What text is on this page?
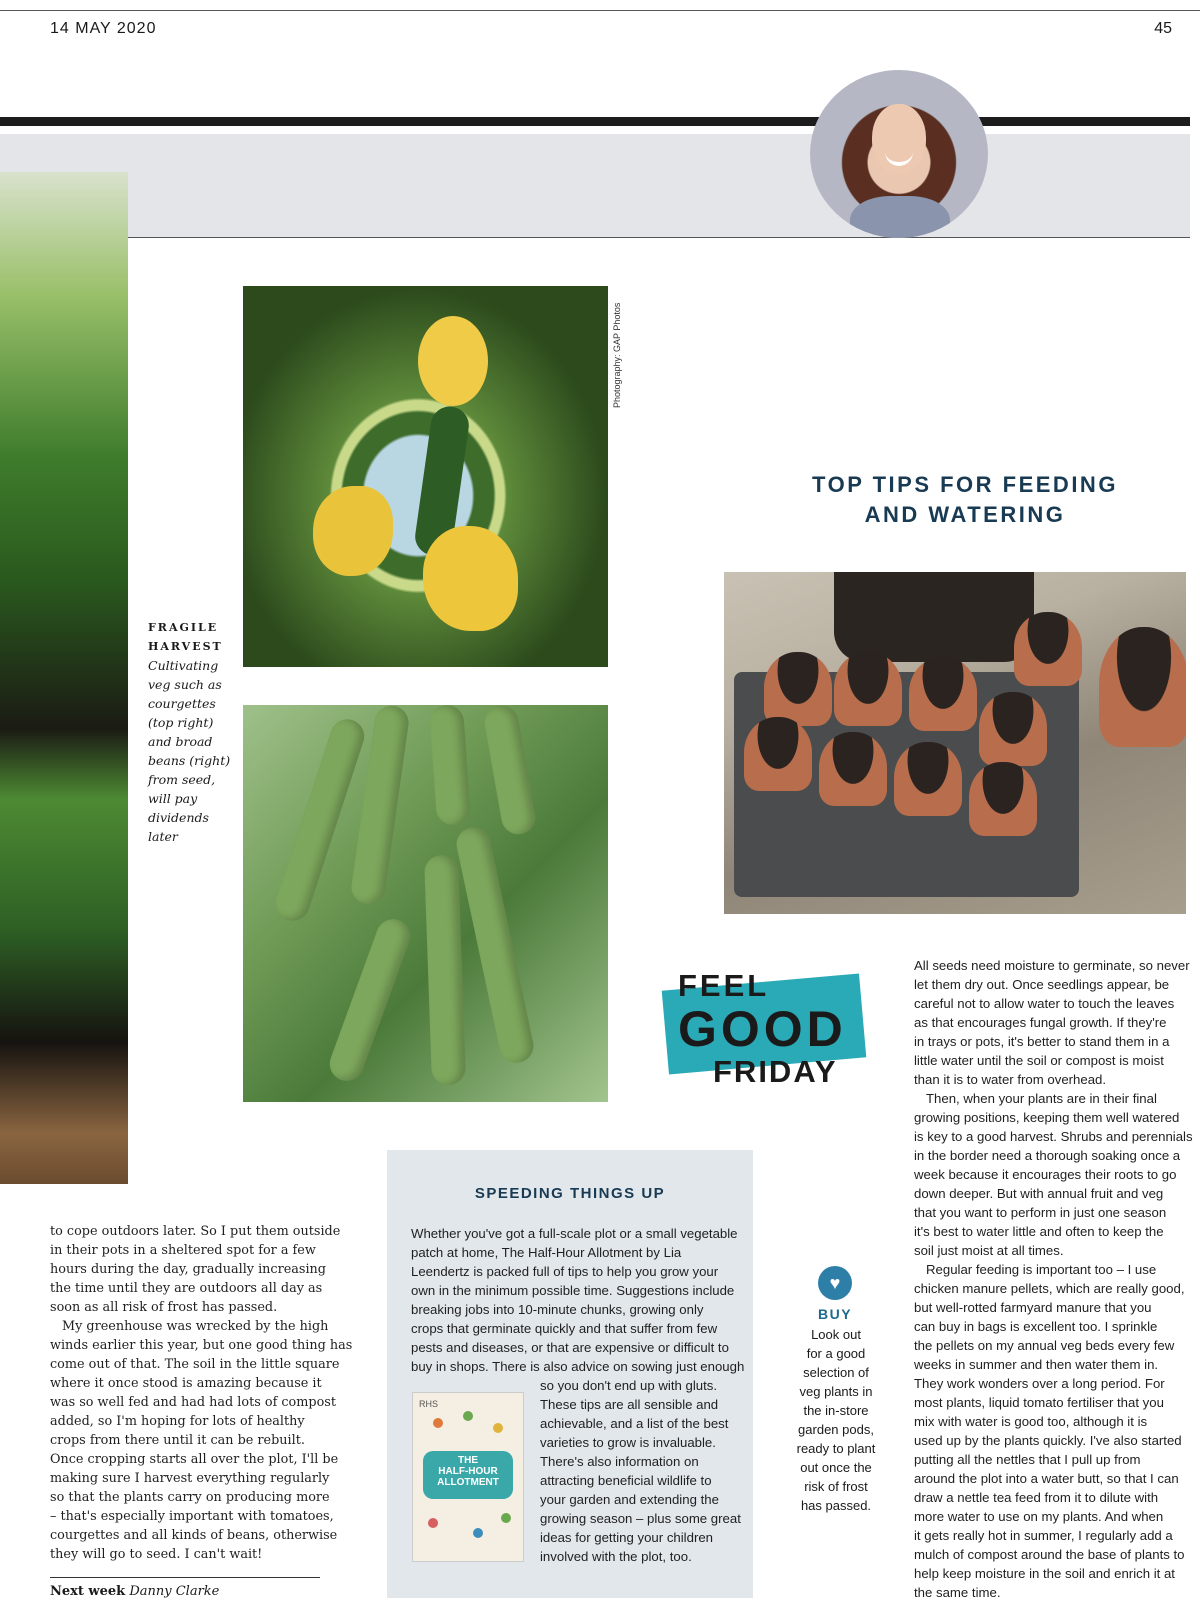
14 MAY 2020	45
Photography: GAP Photos
FRAGILE
HARVEST
Cultivating
veg such as
courgettes
(top right)
and broad
beans (right)
from seed,
will pay
dividends
later
TOP TIPS FOR FEEDING
AND WATERING
FEEL
GOOD
FRIDAY
SPEEDING THINGS UP
Whether you've got a full-scale plot or a small vegetable
patch at home, The Half-Hour Allotment by Lia
Leendertz is packed full of tips to help you grow your
own in the minimum possible time. Suggestions include
breaking jobs into 10-minute chunks, growing only
crops that germinate quickly and that suffer from few
pests and diseases, or that are expensive or difficult to
buy in shops. There is also advice on sowing just enough
so you don't end up with gluts.
These tips are all sensible and
achievable, and a list of the best
varieties to grow is invaluable.
There's also information on
attracting beneficial wildlife to
your garden and extending the
growing season – plus some great
ideas for getting your children
involved with the plot, too.
RHS
THE
HALF-HOUR
ALLOTMENT
♥
BUY
Look out
for a good
selection of
veg plants in
the in-store
garden pods,
ready to plant
out once the
risk of frost
has passed.
to cope outdoors later. So I put them outside
in their pots in a sheltered spot for a few
hours during the day, gradually increasing
the time until they are outdoors all day as
soon as all risk of frost has passed.
My greenhouse was wrecked by the high
winds earlier this year, but one good thing has
come out of that. The soil in the little square
where it once stood is amazing because it
was so well fed and had had lots of compost
added, so I'm hoping for lots of healthy
crops from there until it can be rebuilt.
Once cropping starts all over the plot, I'll be
making sure I harvest everything regularly
so that the plants carry on producing more
– that's especially important with tomatoes,
courgettes and all kinds of beans, otherwise
they will go to seed. I can't wait!
Next week Danny Clarke
All seeds need moisture to germinate, so never
let them dry out. Once seedlings appear, be
careful not to allow water to touch the leaves
as that encourages fungal growth. If they're
in trays or pots, it's better to stand them in a
little water until the soil or compost is moist
than it is to water from overhead.
Then, when your plants are in their final
growing positions, keeping them well watered
is key to a good harvest. Shrubs and perennials
in the border need a thorough soaking once a
week because it encourages their roots to go
down deeper. But with annual fruit and veg
that you want to perform in just one season
it's best to water little and often to keep the
soil just moist at all times.
Regular feeding is important too – I use
chicken manure pellets, which are really good,
but well-rotted farmyard manure that you
can buy in bags is excellent too. I sprinkle
the pellets on my annual veg beds every few
weeks in summer and then water them in.
They work wonders over a long period. For
most plants, liquid tomato fertiliser that you
mix with water is good too, although it is
used up by the plants quickly. I've also started
putting all the nettles that I pull up from
around the plot into a water butt, so that I can
draw a nettle tea feed from it to dilute with
more water to use on my plants. And when
it gets really hot in summer, I regularly add a
mulch of compost around the base of plants to
help keep moisture in the soil and enrich it at
the same time.
